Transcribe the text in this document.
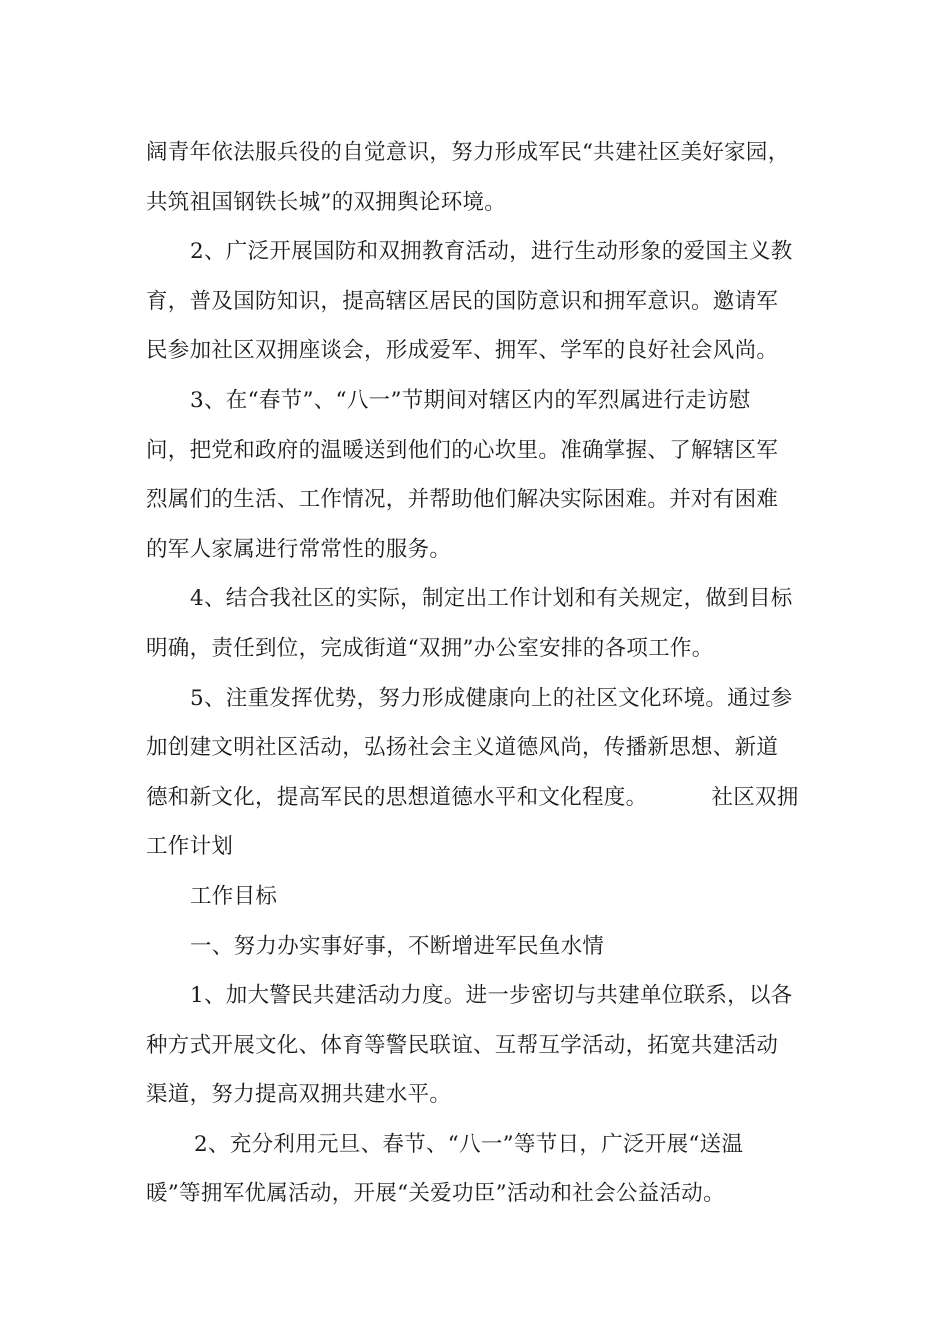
阔青年依法服兵役的自觉意识，努力形成军民“共建社区美好家园，
共筑祖国钢铁长城”的双拥舆论环境。
2、广泛开展国防和双拥教育活动，进行生动形象的爱国主义教
育，普及国防知识，提高辖区居民的国防意识和拥军意识。邀请军
民参加社区双拥座谈会，形成爱军、拥军、学军的良好社会风尚。
3、在“春节”、“八一”节期间对辖区内的军烈属进行走访慰
问，把党和政府的温暖送到他们的心坎里。准确掌握、了解辖区军
烈属们的生活、工作情况，并帮助他们解决实际困难。并对有困难
的军人家属进行常常性的服务。
4、结合我社区的实际，制定出工作计划和有关规定，做到目标
明确，责任到位，完成街道“双拥”办公室安排的各项工作。
5、注重发挥优势，努力形成健康向上的社区文化环境。通过参
加创建文明社区活动，弘扬社会主义道德风尚，传播新思想、新道
德和新文化，提高军民的思想道德水平和文化程度。	社区双拥
工作计划
工作目标
一、努力办实事好事，不断增进军民鱼水情
1、加大警民共建活动力度。进一步密切与共建单位联系，以各
种方式开展文化、体育等警民联谊、互帮互学活动，拓宽共建活动
渠道，努力提高双拥共建水平。
2、充分利用元旦、春节、“八一”等节日，广泛开展“送温
暖”等拥军优属活动，开展“关爱功臣”活动和社会公益活动。
